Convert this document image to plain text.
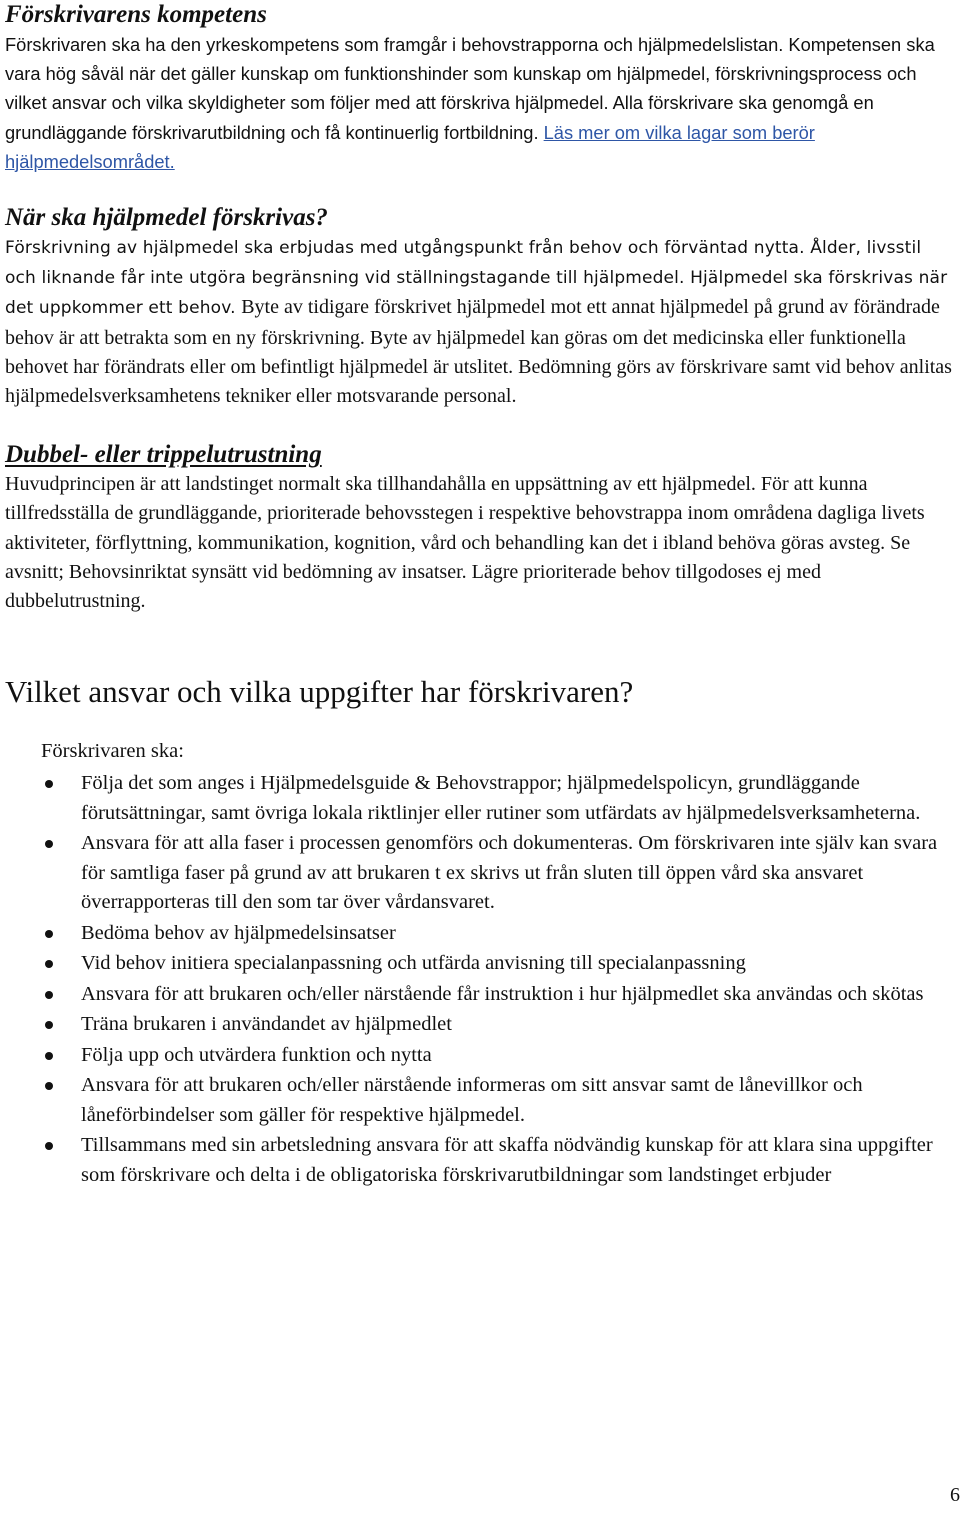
Förskrivarens kompetens

Förskrivaren ska ha den yrkeskompetens som framgår i behovstrapporna och hjälpmedelslistan. Kompetensen ska vara hög såväl när det gäller kunskap om funktionshinder som kunskap om hjälpmedel, förskrivningsprocess och vilket ansvar och vilka skyldigheter som följer med att förskriva hjälpmedel. Alla förskrivare ska genomgå en grundläggande förskrivarutbildning och få kontinuerlig fortbildning. Läs mer om vilka lagar som berör hjälpmedelsområdet.

När ska hjälpmedel förskrivas?

Förskrivning av hjälpmedel ska erbjudas med utgångspunkt från behov och förväntad nytta. Ålder, livsstil och liknande får inte utgöra begränsning vid ställningstagande till hjälpmedel. Hjälpmedel ska förskrivas när det uppkommer ett behov. Byte av tidigare förskrivet hjälpmedel mot ett annat hjälpmedel på grund av förändrade behov är att betrakta som en ny förskrivning. Byte av hjälpmedel kan göras om det medicinska eller funktionella behovet har förändrats eller om befintligt hjälpmedel är utslitet. Bedömning görs av förskrivare samt vid behov anlitas hjälpmedelsverksamhetens tekniker eller motsvarande personal.

Dubbel- eller trippelutrustning

Huvudprincipen är att landstinget normalt ska tillhandahålla en uppsättning av ett hjälpmedel. För att kunna tillfredsställa de grundläggande, prioriterade behovsstegen i respektive behovstrappa inom områdena dagliga livets aktiviteter, förflyttning, kommunikation, kognition, vård och behandling kan det i ibland behöva göras avsteg. Se avsnitt; Behovsinriktat synsätt vid bedömning av insatser. Lägre prioriterade behov tillgodoses ej med dubbelutrustning.

Vilket ansvar och vilka uppgifter har förskrivaren?

Förskrivaren ska:

Följa det som anges i Hjälpmedelsguide & Behovstrappor; hjälpmedelspolicyn, grundläggande förutsättningar, samt övriga lokala riktlinjer eller rutiner som utfärdats av hjälpmedelsverksamheterna.
Ansvara för att alla faser i processen genomförs och dokumenteras. Om förskrivaren inte själv kan svara för samtliga faser på grund av att brukaren t ex skrivs ut från sluten till öppen vård ska ansvaret överrapporteras till den som tar över vårdansvaret.
Bedöma behov av hjälpmedelsinsatser
Vid behov initiera specialanpassning och utfärda anvisning till specialanpassning
Ansvara för att brukaren och/eller närstående får instruktion i hur hjälpmedlet ska användas och skötas
Träna brukaren i användandet av hjälpmedlet
Följa upp och utvärdera funktion och nytta
Ansvara för att brukaren och/eller närstående informeras om sitt ansvar samt de lånevillkor och låneförbindelser som gäller för respektive hjälpmedel.
Tillsammans med sin arbetsledning ansvara för att skaffa nödvändig kunskap för att klara sina uppgifter som förskrivare och delta i de obligatoriska förskrivarutbildningar som landstinget erbjuder
6
